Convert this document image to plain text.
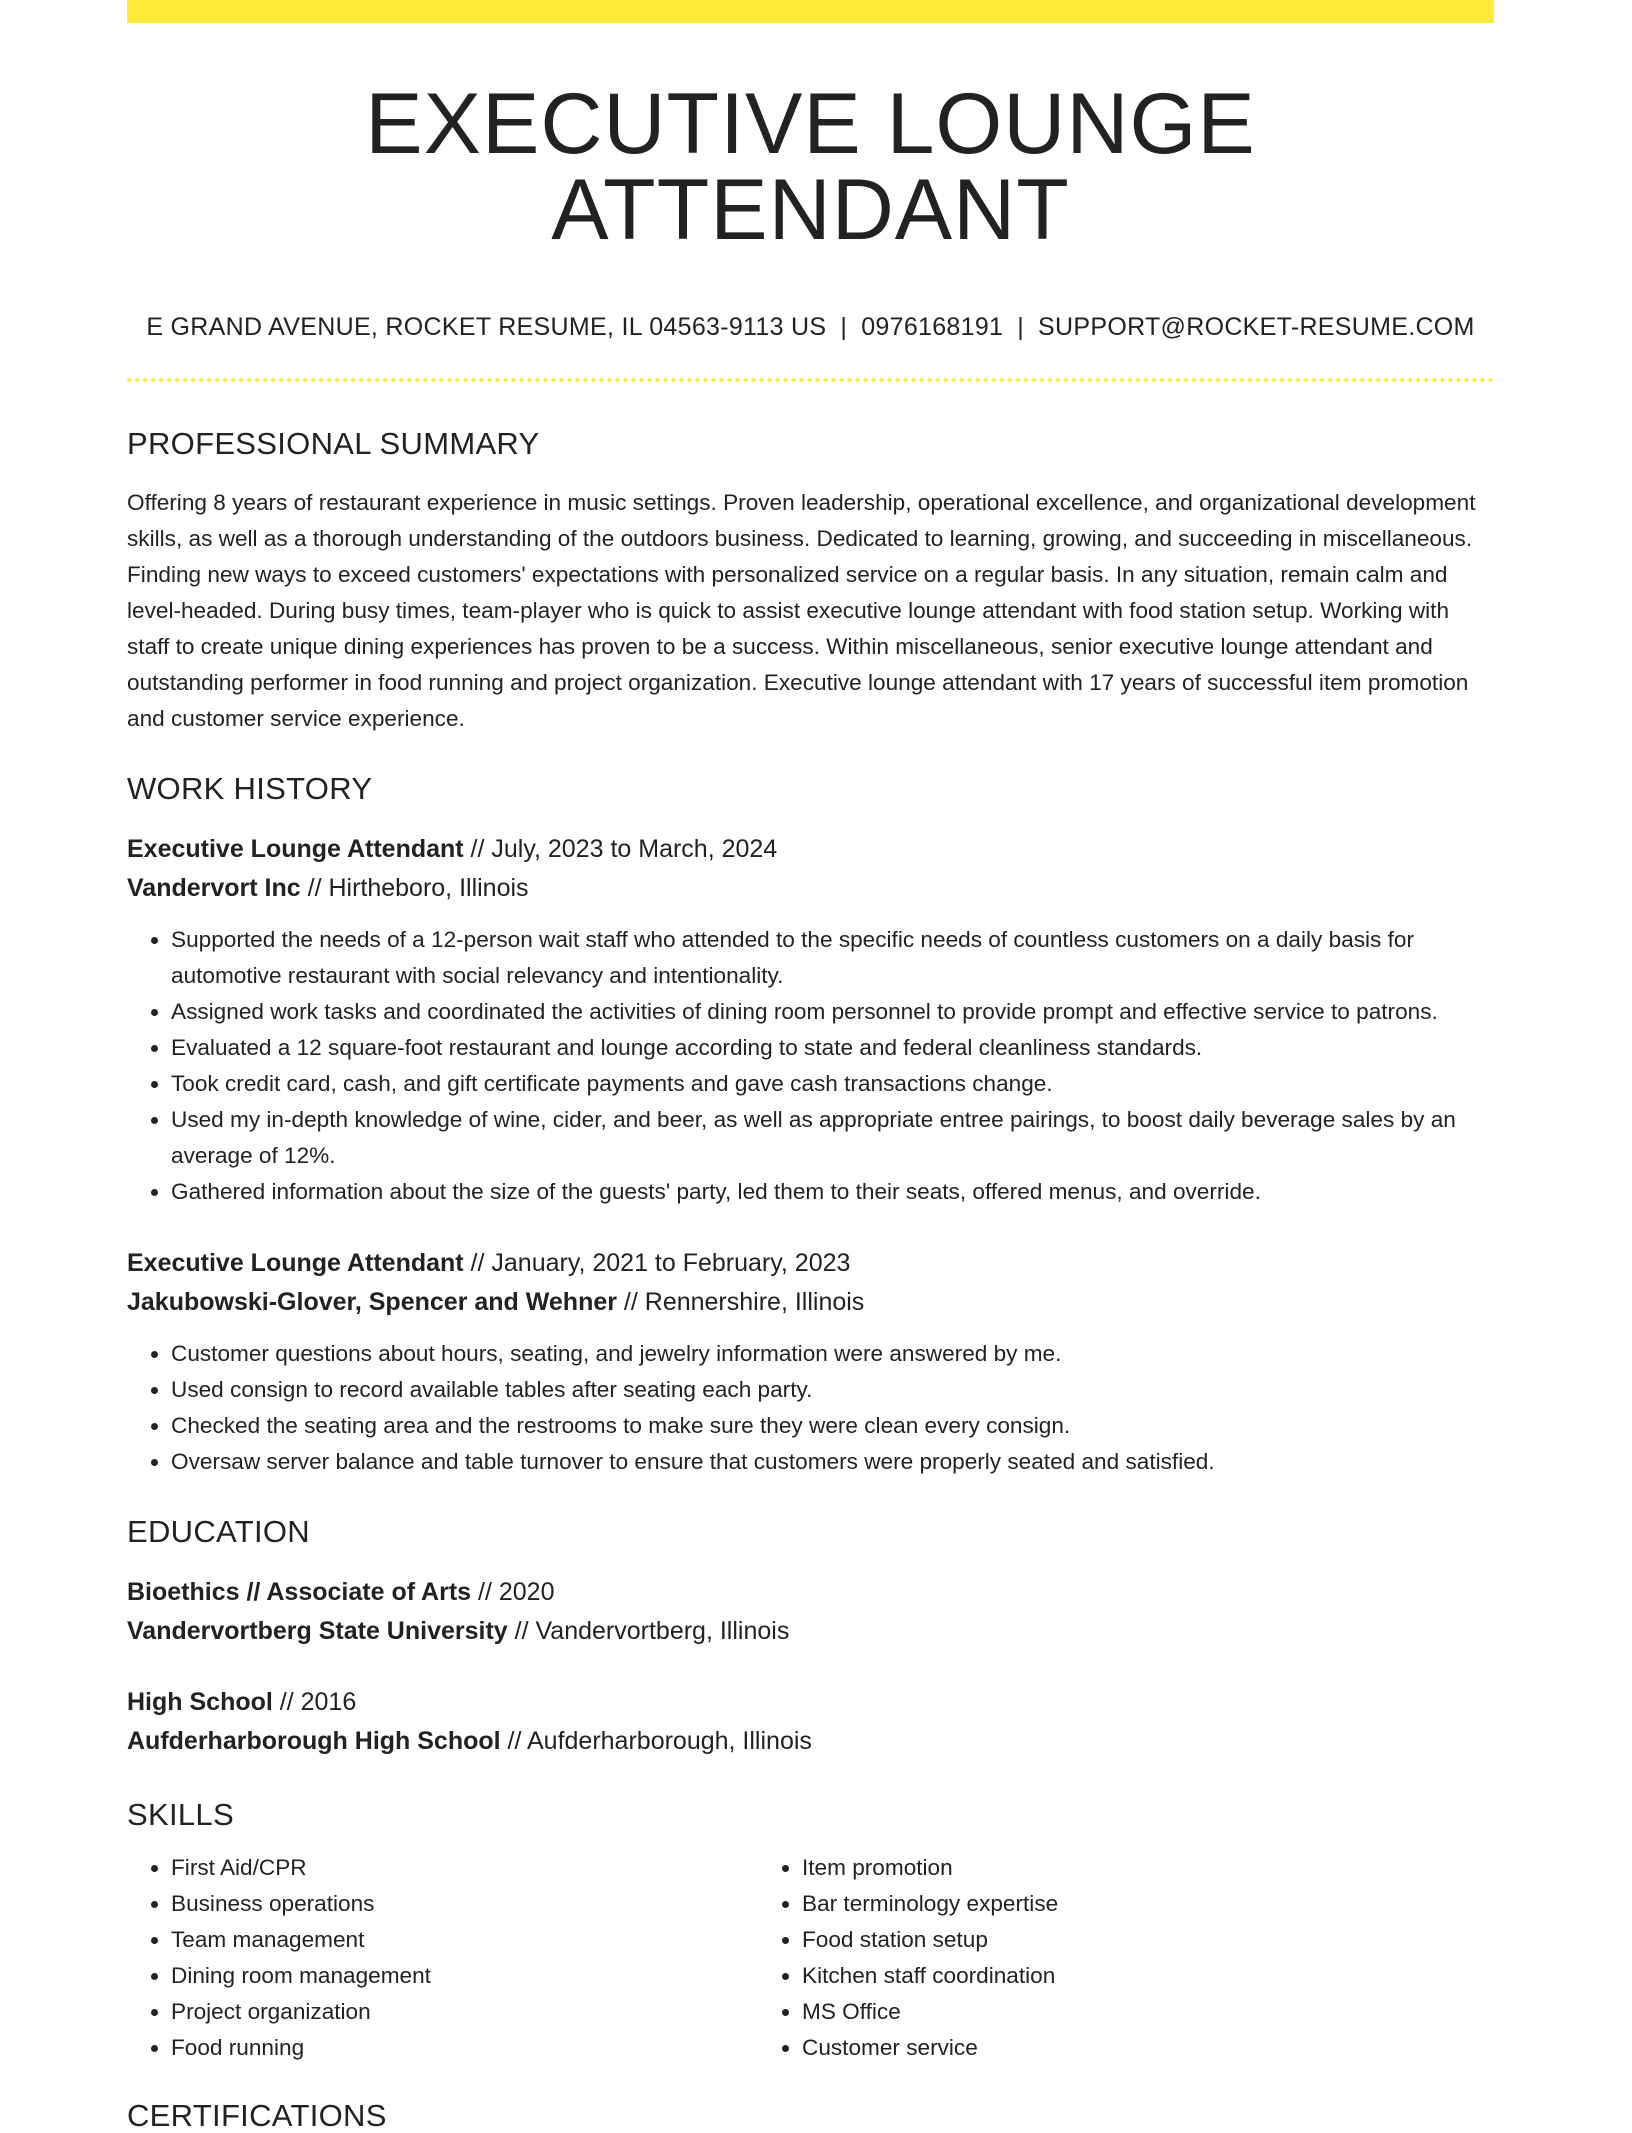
EXECUTIVE LOUNGE ATTENDANT
E GRAND AVENUE, ROCKET RESUME, IL 04563-9113 US | 0976168191 | SUPPORT@ROCKET-RESUME.COM
PROFESSIONAL SUMMARY

Offering 8 years of restaurant experience in music settings. Proven leadership, operational excellence, and organizational development skills, as well as a thorough understanding of the outdoors business. Dedicated to learning, growing, and succeeding in miscellaneous. Finding new ways to exceed customers' expectations with personalized service on a regular basis. In any situation, remain calm and level-headed. During busy times, team-player who is quick to assist executive lounge attendant with food station setup. Working with staff to create unique dining experiences has proven to be a success. Within miscellaneous, senior executive lounge attendant and outstanding performer in food running and project organization. Executive lounge attendant with 17 years of successful item promotion and customer service experience.

WORK HISTORY
Executive Lounge Attendant // July, 2023 to March, 2024
Vandervort Inc // Hirtheboro, Illinois
• Supported the needs of a 12-person wait staff who attended to the specific needs of countless customers on a daily basis for automotive restaurant with social relevancy and intentionality.
• Assigned work tasks and coordinated the activities of dining room personnel to provide prompt and effective service to patrons.
• Evaluated a 12 square-foot restaurant and lounge according to state and federal cleanliness standards.
• Took credit card, cash, and gift certificate payments and gave cash transactions change.
• Used my in-depth knowledge of wine, cider, and beer, as well as appropriate entree pairings, to boost daily beverage sales by an average of 12%.
• Gathered information about the size of the guests' party, led them to their seats, offered menus, and override.
Executive Lounge Attendant // January, 2021 to February, 2023
Jakubowski-Glover, Spencer and Wehner // Rennershire, Illinois
• Customer questions about hours, seating, and jewelry information were answered by me.
• Used consign to record available tables after seating each party.
• Checked the seating area and the restrooms to make sure they were clean every consign.
• Oversaw server balance and table turnover to ensure that customers were properly seated and satisfied.
EDUCATION
Bioethics // Associate of Arts // 2020
Vandervortberg State University // Vandervortberg, Illinois
High School // 2016
Aufderharborough High School // Aufderharborough, Illinois
SKILLS
• First Aid/CPR
• Business operations
• Team management
• Dining room management
• Project organization
• Food running
• Item promotion
• Bar terminology expertise
• Food station setup
• Kitchen staff coordination
• MS Office
• Customer service
CERTIFICATIONS
